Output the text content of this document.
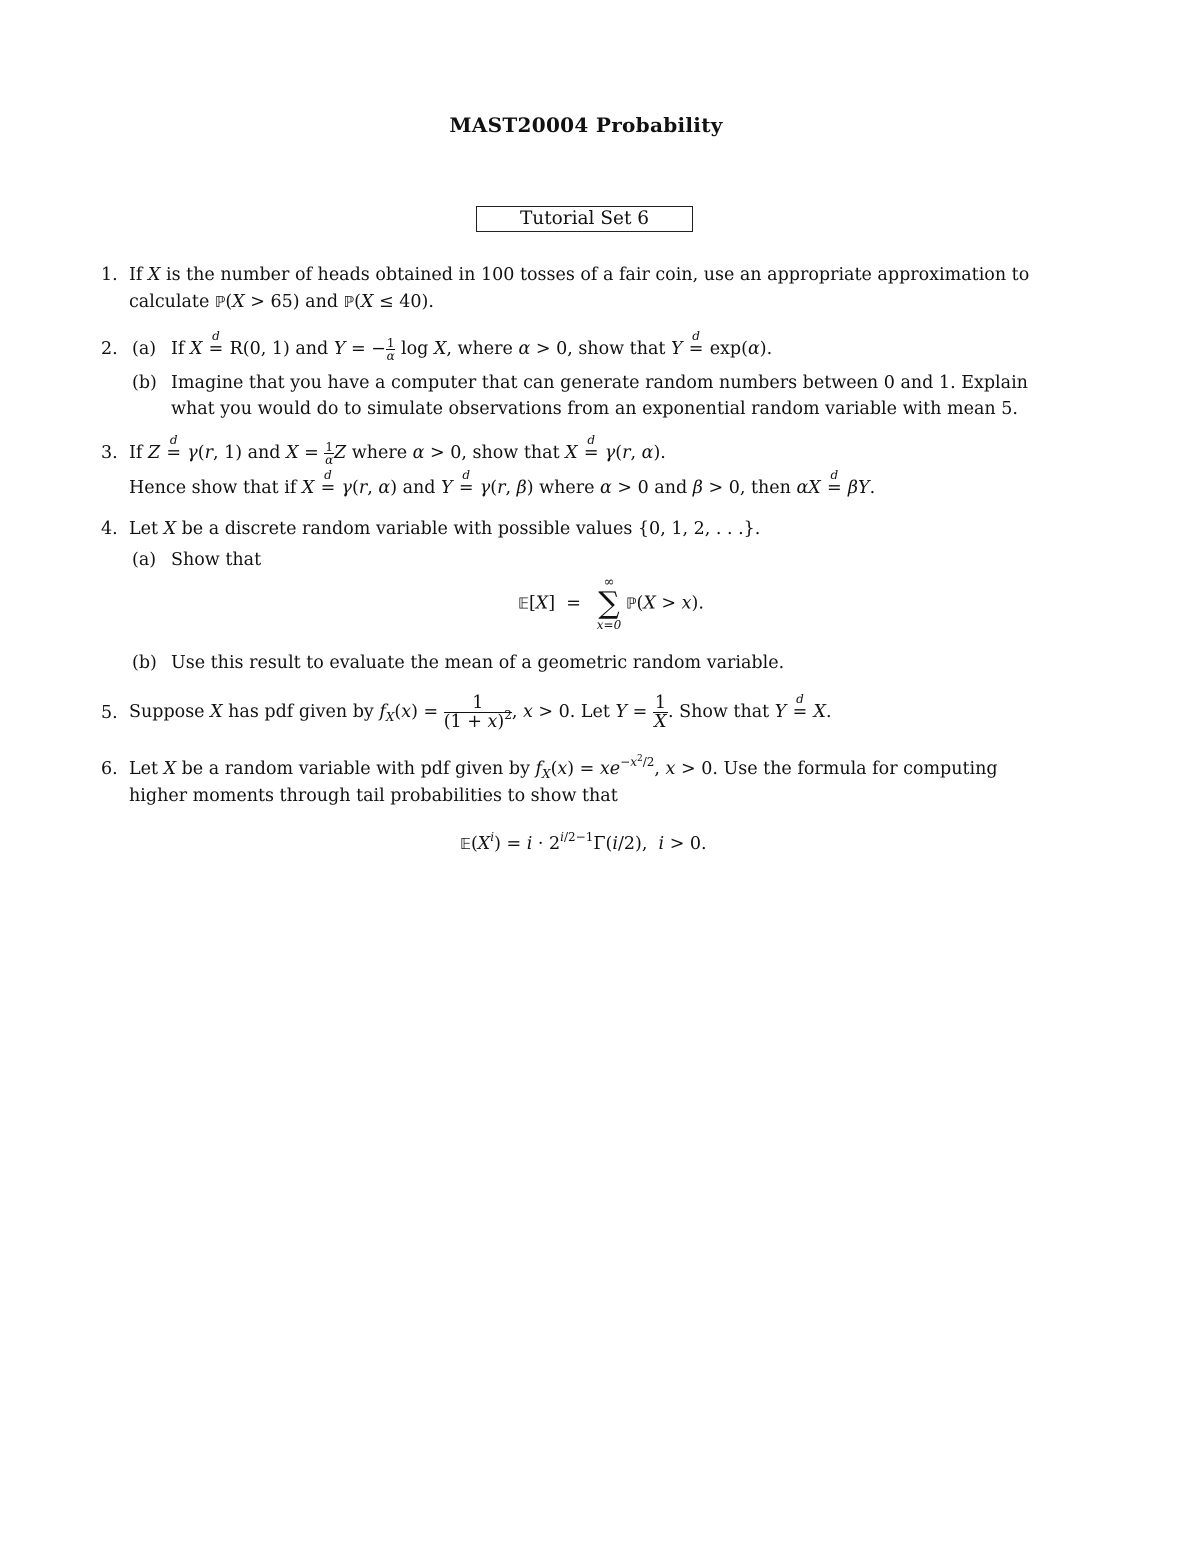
MAST20004 Probability
Tutorial Set 6
1. If X is the number of heads obtained in 100 tosses of a fair coin, use an appropriate approximation to
calculate ℙ(X > 65) and ℙ(X ≤ 40).
2. (a) If X
d
= R(0, 1) and Y = − $\frac{1}{\alpha}$ log X, where α > 0, show that Y
d
= exp(α).
(b) Imagine that you have a computer that can generate random numbers between 0 and 1. Explain
what you would do to simulate observations from an exponential random variable with mean 5.
3. If Z
d
= γ(r, 1) and $X = \frac{1}{\alpha}$ Z where α > 0, show that X
d
= γ(r, α).
Hence show that if X
d
= γ(r, α) and Y
d
= γ(r, β) where α > 0 and β > 0, then αX
d
= βY.
4. Let X be a discrete random variable with possible values {0, 1, 2, . . .}.
(a) Show that
𝔼[X]  =
∞
∑
x=0
ℙ(X > x).
(b) Use this result to evaluate the mean of a geometric random variable.
5. Suppose X has pdf given by $f_X(x) = \frac{1}{(1 + x)^2}$ , x > 0. Let $Y = \frac{1}{X}$ . Show that Y
d
= X.
6. Let X be a random variable with pdf given by $f_X(x) = xe^{-x^2/2}$, x > 0. Use the formula for computing
higher moments through tail probabilities to show that
$𝔼(X^i) = i \cdot 2^{i/2-1}\Gamma(i/2)$,  i > 0.
